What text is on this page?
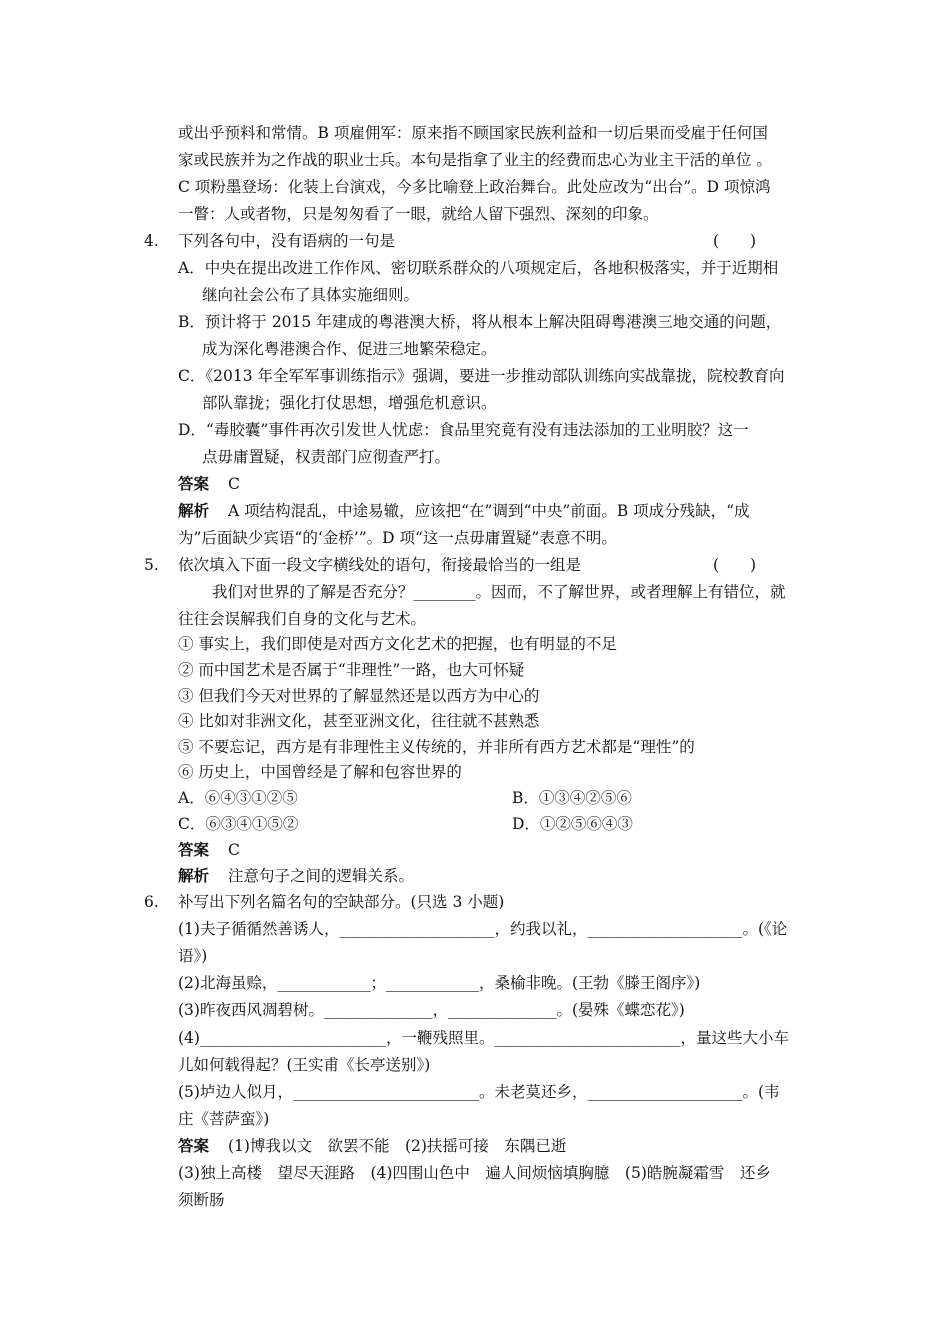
或出乎预料和常情。B 项雇佣军：原来指不顾国家民族利益和一切后果而受雇于任何国
家或民族并为之作战的职业士兵。本句是指拿了业主的经费而忠心为业主干活的单位 。
C 项粉墨登场：化装上台演戏，今多比喻登上政治舞台。此处应改为“出台”。D 项惊鸿
一瞥：人或者物，只是匆匆看了一眼，就给人留下强烈、深刻的印象。
4. 下列各句中，没有语病的一句是	(　　)
A．中央在提出改进工作作风、密切联系群众的八项规定后，各地积极落实，并于近期相
继向社会公布了具体实施细则。
B．预计将于 2015 年建成的粤港澳大桥，将从根本上解决阻碍粤港澳三地交通的问题，
成为深化粤港澳合作、促进三地繁荣稳定。
C．《2013 年全军军事训练指示》强调，要进一步推动部队训练向实战靠拢，院校教育向
部队靠拢；强化打仗思想，增强危机意识。
D．“毒胶囊”事件再次引发世人忧虑：食品里究竟有没有违法添加的工业明胶？这一
点毋庸置疑，权责部门应彻查严打。
答案 C
解析 A 项结构混乱，中途易辙，应该把“在”调到“中央”前面。B 项成分残缺，“成
为”后面缺少宾语“的‘金桥’”。D 项“这一点毋庸置疑”表意不明。
5. 依次填入下面一段文字横线处的语句，衔接最恰当的一组是	(　　)
我们对世界的了解是否充分？________。因而，不了解世界，或者理解上有错位，就
往往会误解我们自身的文化与艺术。
① 事实上，我们即使是对西方文化艺术的把握，也有明显的不足
② 而中国艺术是否属于“非理性”一路，也大可怀疑
③ 但我们今天对世界的了解显然还是以西方为中心的
④ 比如对非洲文化，甚至亚洲文化，往往就不甚熟悉
⑤ 不要忘记，西方是有非理性主义传统的，并非所有西方艺术都是“理性”的
⑥ 历史上，中国曾经是了解和包容世界的
A．⑥④③①②⑤	B．①③④②⑤⑥
C．⑥③④①⑤②	D．①②⑤⑥④③
答案 C
解析 注意句子之间的逻辑关系。
6. 补写出下列名篇名句的空缺部分。(只选 3 小题)
(1)夫子循循然善诱人，____________________，约我以礼，____________________。(《论
语》)
(2)北海虽赊，____________；____________，桑榆非晚。(王勃《滕王阁序》)
(3)昨夜西风凋碧树。______________，______________。(晏殊《蝶恋花》)
(4)________________________，一鞭残照里。________________________，量这些大小车
儿如何载得起？(王实甫《长亭送别》)
(5)垆边人似月，________________________。未老莫还乡，____________________。(韦
庄《菩萨蛮》)
答案 (1)博我以文　欲罢不能　(2)扶摇可接　东隅已逝
(3)独上高楼　望尽天涯路　(4)四围山色中　遍人间烦恼填胸臆　(5)皓腕凝霜雪　还乡
须断肠
